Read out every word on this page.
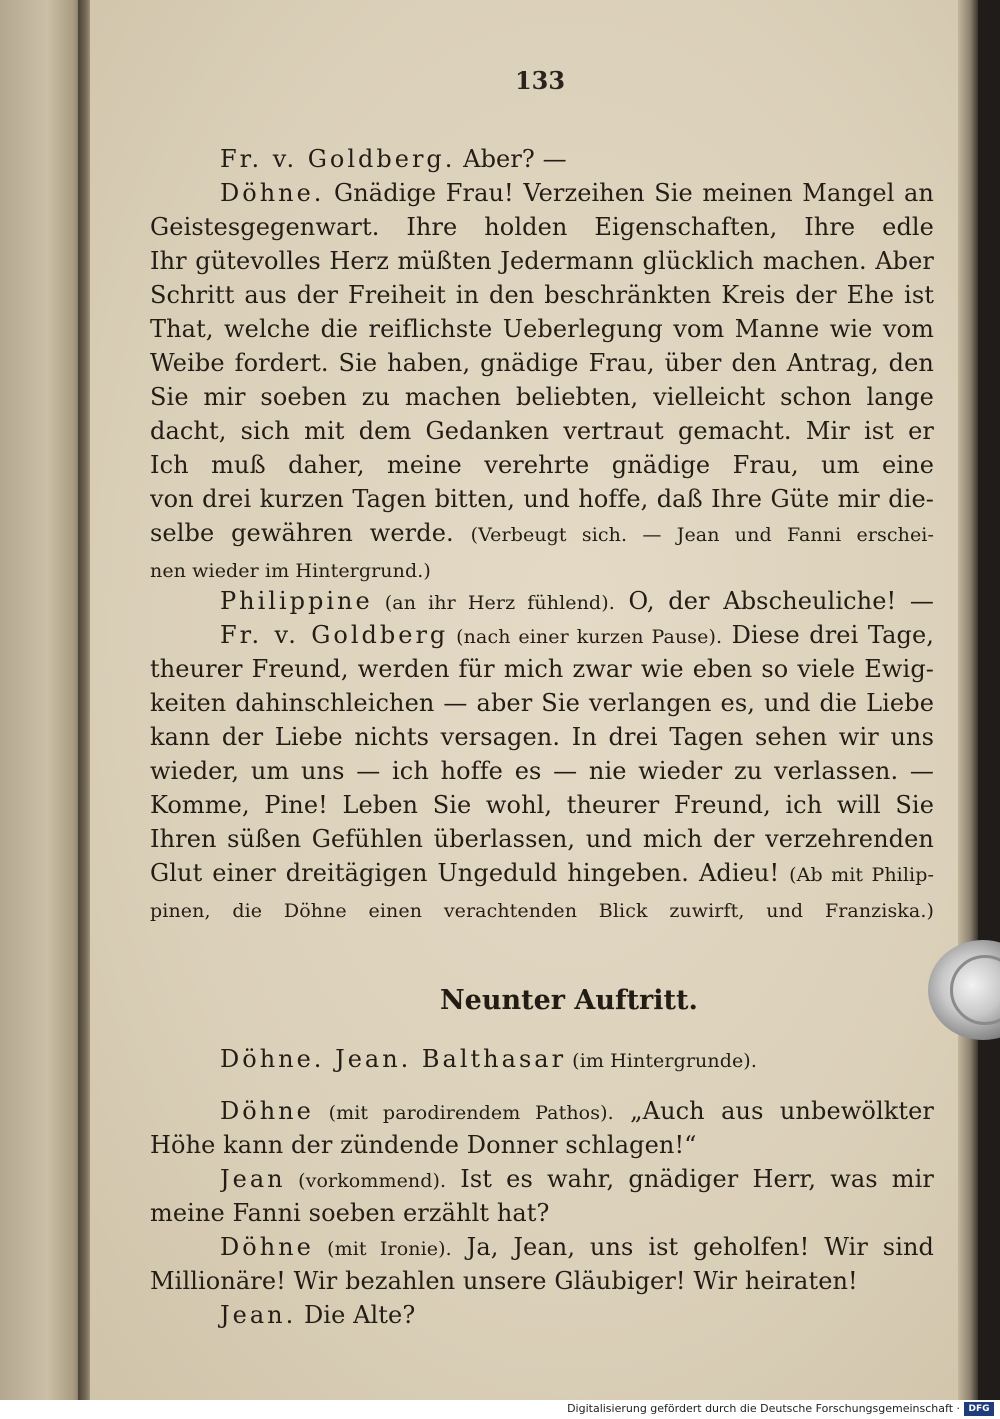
133
Fr. v. Goldberg. Aber? —
Döhne. Gnädige Frau! Verzeihen Sie meinen Mangel an
Geistesgegenwart. Ihre holden Eigenschaften, Ihre edle
Ihr gütevolles Herz müßten Jedermann glücklich machen. Aber
Schritt aus der Freiheit in den beschränkten Kreis der Ehe ist
That, welche die reiflichste Ueberlegung vom Manne wie vom
Weibe fordert. Sie haben, gnädige Frau, über den Antrag, den
Sie mir soeben zu machen beliebten, vielleicht schon lange
dacht, sich mit dem Gedanken vertraut gemacht. Mir ist er
Ich muß daher, meine verehrte gnädige Frau, um eine
von drei kurzen Tagen bitten, und hoffe, daß Ihre Güte mir die-
selbe gewähren werde. (Verbeugt sich. — Jean und Fanni erschei-
nen wieder im Hintergrund.)
Philippine (an ihr Herz fühlend). O, der Abscheuliche! —
Fr. v. Goldberg (nach einer kurzen Pause). Diese drei Tage,
theurer Freund, werden für mich zwar wie eben so viele Ewig-
keiten dahinschleichen — aber Sie verlangen es, und die Liebe
kann der Liebe nichts versagen. In drei Tagen sehen wir uns
wieder, um uns — ich hoffe es — nie wieder zu verlassen. —
Komme, Pine! Leben Sie wohl, theurer Freund, ich will Sie
Ihren süßen Gefühlen überlassen, und mich der verzehrenden
Glut einer dreitägigen Ungeduld hingeben. Adieu! (Ab mit Philip-
pinen, die Döhne einen verachtenden Blick zuwirft, und Franziska.)
Döhne. Jean. Balthasar (im Hintergrunde).
Döhne (mit parodirendem Pathos). „Auch aus unbewölkter
Höhe kann der zündende Donner schlagen!“
Jean (vorkommend). Ist es wahr, gnädiger Herr, was mir
meine Fanni soeben erzählt hat?
Döhne (mit Ironie). Ja, Jean, uns ist geholfen! Wir sind
Millionäre! Wir bezahlen unsere Gläubiger! Wir heiraten!
Jean. Die Alte?
Neunter Auftritt.
Digitalisierung gefördert durch die Deutsche Forschungsgemeinschaft · DFG
